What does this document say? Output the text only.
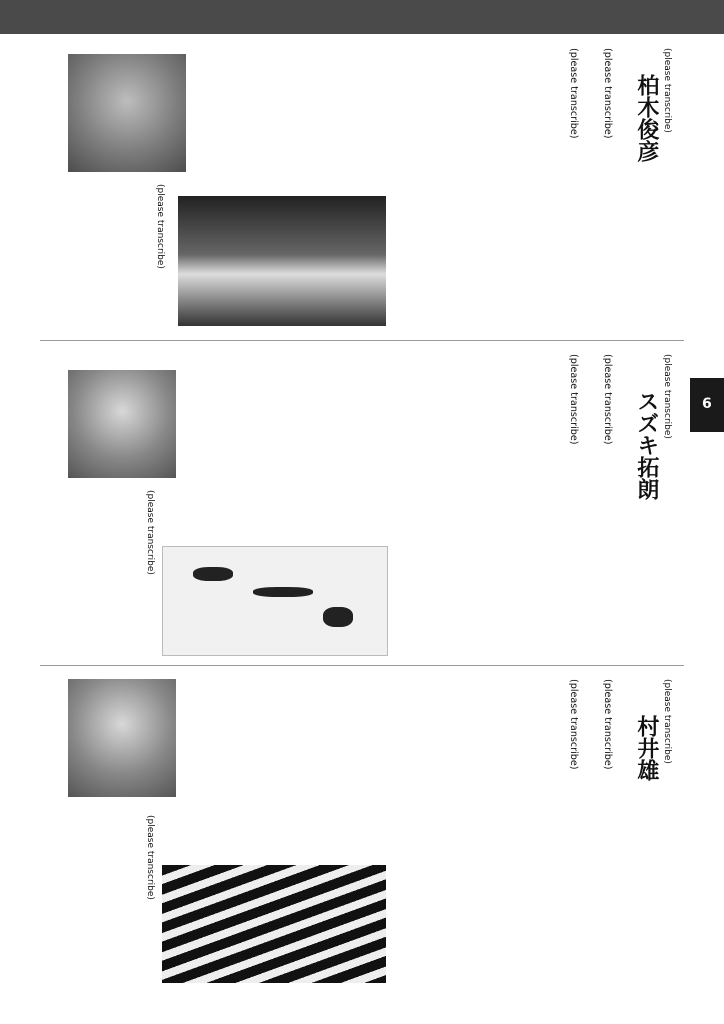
6
柏木俊彦 (please transcribe)
(please transcribe)
(please transcribe)
(please transcribe)
スズキ拓朗 (please transcribe)
(please transcribe)
(please transcribe)
(please transcribe)
村井雄 (please transcribe)
(please transcribe)
(please transcribe)
(please transcribe)
